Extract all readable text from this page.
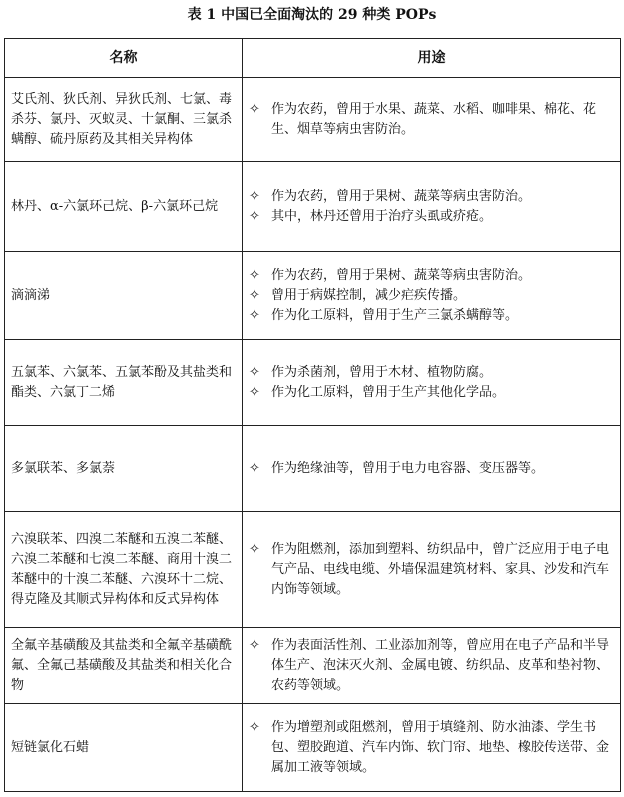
表 1 中国已全面淘汰的 29 种类 POPs
名称	用途
艾氏剂、狄氏剂、异狄氏剂、七氯、毒杀芬、氯丹、灭蚁灵、十氯酮、三氯杀螨醇、硫丹原药及其相关异构体	✧ 作为农药，曾用于水果、蔬菜、水稻、咖啡果、棉花、花生、烟草等病虫害防治。

林丹、α-六氯环己烷、β-六氯环己烷	✧ 作为农药，曾用于果树、蔬菜等病虫害防治。
✧ 其中，林丹还曾用于治疗头虱或疥疮。

滴滴涕	✧ 作为农药，曾用于果树、蔬菜等病虫害防治。
✧ 曾用于病媒控制，减少疟疾传播。
✧ 作为化工原料，曾用于生产三氯杀螨醇等。

五氯苯、六氯苯、五氯苯酚及其盐类和酯类、六氯丁二烯	✧ 作为杀菌剂，曾用于木材、植物防腐。
✧ 作为化工原料，曾用于生产其他化学品。

多氯联苯、多氯萘	✧ 作为绝缘油等，曾用于电力电容器、变压器等。

六溴联苯、四溴二苯醚和五溴二苯醚、六溴二苯醚和七溴二苯醚、商用十溴二苯醚中的十溴二苯醚、六溴环十二烷、得克隆及其顺式异构体和反式异构体	✧ 作为阻燃剂，添加到塑料、纺织品中，曾广泛应用于电子电气产品、电线电缆、外墙保温建筑材料、家具、沙发和汽车内饰等领域。

全氟辛基磺酸及其盐类和全氟辛基磺酰氟、全氟己基磺酸及其盐类和相关化合物	✧ 作为表面活性剂、工业添加剂等，曾应用在电子产品和半导体生产、泡沫灭火剂、金属电镀、纺织品、皮革和垫衬物、农药等领域。

短链氯化石蜡	✧ 作为增塑剂或阻燃剂，曾用于填缝剂、防水油漆、学生书包、塑胶跑道、汽车内饰、软门帘、地垫、橡胶传送带、金属加工液等领域。
